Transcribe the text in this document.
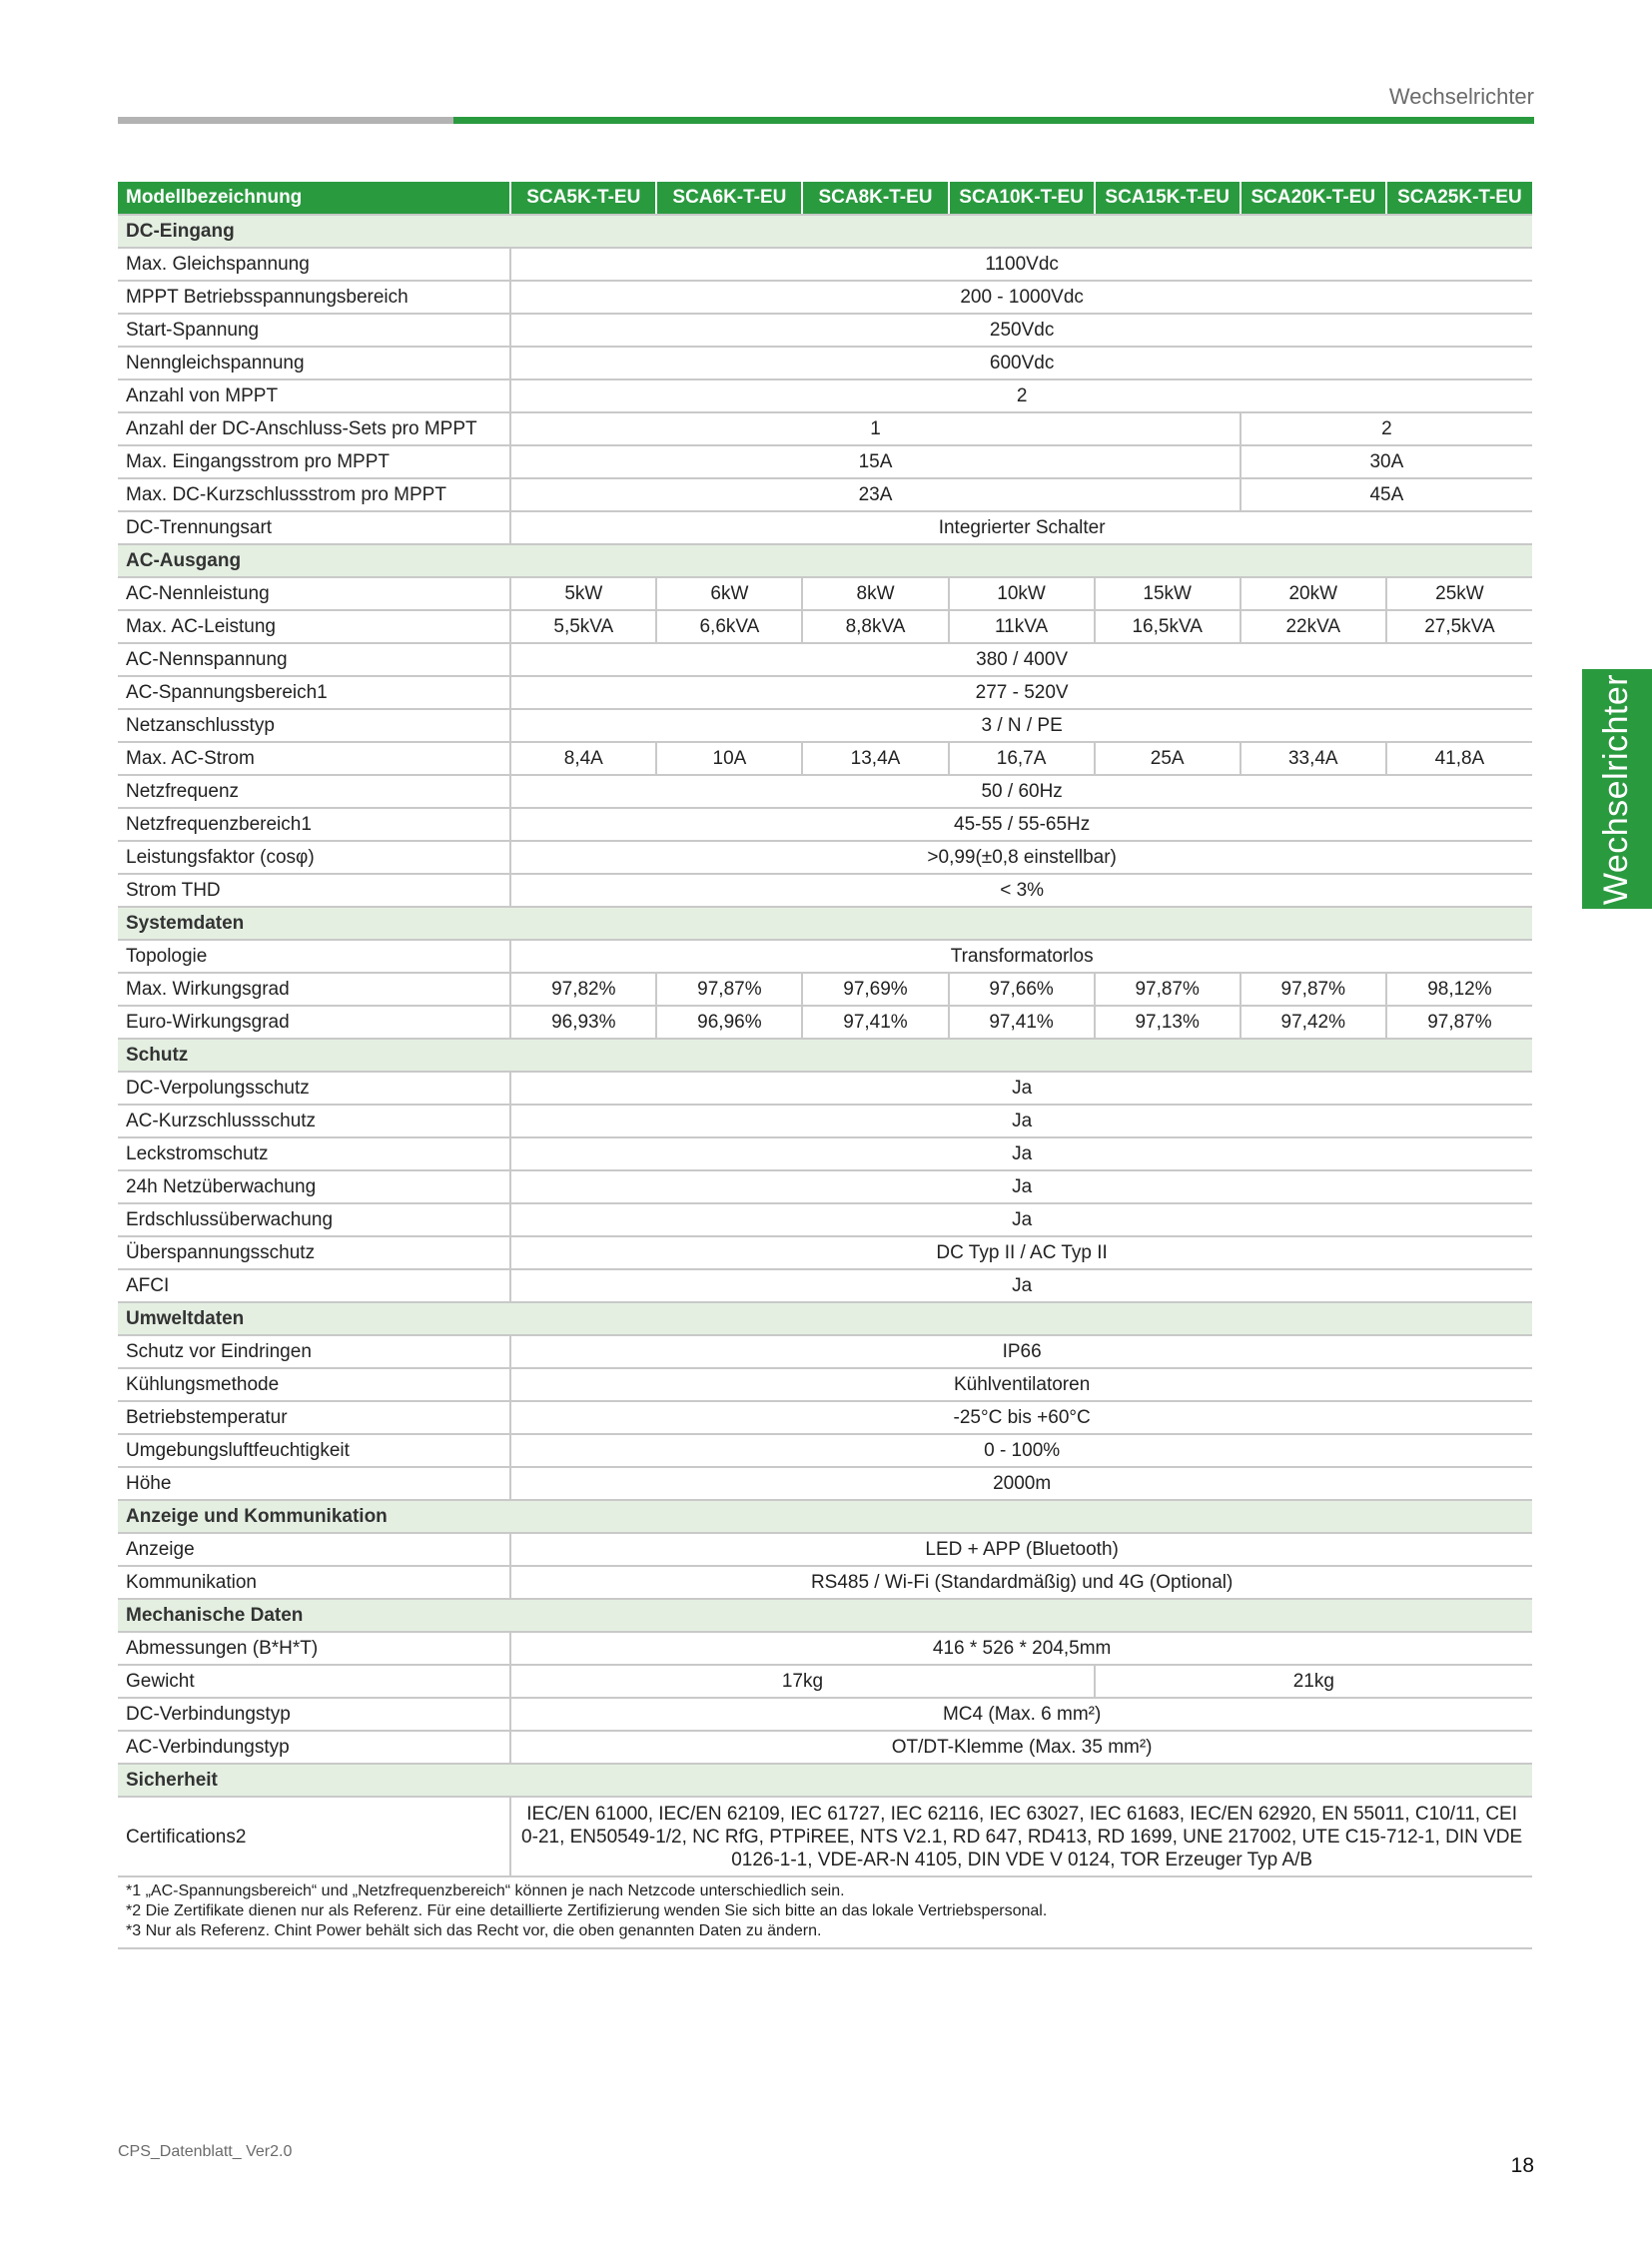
Wechselrichter
Wechselrichter
Modellbezeichnung	SCA5K-T-EU	SCA6K-T-EU	SCA8K-T-EU	SCA10K-T-EU	SCA15K-T-EU	SCA20K-T-EU	SCA25K-T-EU
DC-Eingang							
Max. Gleichspannung	1100Vdc						
MPPT Betriebsspannungsbereich	200 - 1000Vdc						
Start-Spannung	250Vdc						
Nenngleichspannung	600Vdc						
Anzahl von MPPT	2						
Anzahl der DC-Anschluss-Sets pro MPPT	1					2	
Max. Eingangsstrom pro MPPT	15A					30A	
Max. DC-Kurzschlussstrom pro MPPT	23A					45A	
DC-Trennungsart	Integrierter Schalter						
AC-Ausgang							
AC-Nennleistung	5kW	6kW	8kW	10kW	15kW	20kW	25kW
Max. AC-Leistung	5,5kVA	6,6kVA	8,8kVA	11kVA	16,5kVA	22kVA	27,5kVA
AC-Nennspannung	380 / 400V						
AC-Spannungsbereich1	277 - 520V						
Netzanschlusstyp	3 / N / PE						
Max. AC-Strom	8,4A	10A	13,4A	16,7A	25A	33,4A	41,8A
Netzfrequenz	50 / 60Hz						
Netzfrequenzbereich1	45-55 / 55-65Hz						
Leistungsfaktor (cosφ)	>0,99(±0,8 einstellbar)						
Strom THD	< 3%						
Systemdaten							
Topologie	Transformatorlos						
Max. Wirkungsgrad	97,82%	97,87%	97,69%	97,66%	97,87%	97,87%	98,12%
Euro-Wirkungsgrad	96,93%	96,96%	97,41%	97,41%	97,13%	97,42%	97,87%
Schutz							
DC-Verpolungsschutz	Ja						
AC-Kurzschlussschutz	Ja						
Leckstromschutz	Ja						
24h Netzüberwachung	Ja						
Erdschlussüberwachung	Ja						
Überspannungsschutz	DC Typ II / AC Typ II						
AFCI	Ja						
Umweltdaten							
Schutz vor Eindringen	IP66						
Kühlungsmethode	Kühlventilatoren						
Betriebstemperatur	-25°C bis +60°C						
Umgebungsluftfeuchtigkeit	0 - 100%						
Höhe	2000m						
Anzeige und Kommunikation							
Anzeige	LED + APP (Bluetooth)						
Kommunikation	RS485 / Wi-Fi (Standardmäßig) und 4G (Optional)						
Mechanische Daten							
Abmessungen (B*H*T)	416 * 526 * 204,5mm						
Gewicht	17kg				21kg		
DC-Verbindungstyp	MC4 (Max. 6 mm²)						
AC-Verbindungstyp	OT/DT-Klemme (Max. 35 mm²)						
Sicherheit							
Certifications2	IEC/EN 61000, IEC/EN 62109, IEC 61727, IEC 62116, IEC 63027, IEC 61683, IEC/EN 62920, EN 55011, C10/11, CEI 0-21, EN50549-1/2, NC RfG, PTPiREE, NTS V2.1, RD 647, RD413, RD 1699, UNE 217002, UTE C15-712-1, DIN VDE 0126-1-1, VDE-AR-N 4105, DIN VDE V 0124, TOR Erzeuger Typ A/B						
*1 „AC-Spannungsbereich“ und „Netzfrequenzbereich“ können je nach Netzcode unterschiedlich sein.
*2 Die Zertifikate dienen nur als Referenz. Für eine detaillierte Zertifizierung wenden Sie sich bitte an das lokale Vertriebspersonal.
*3 Nur als Referenz. Chint Power behält sich das Recht vor, die oben genannten Daten zu ändern.
CPS_Datenblatt_ Ver2.0
18
